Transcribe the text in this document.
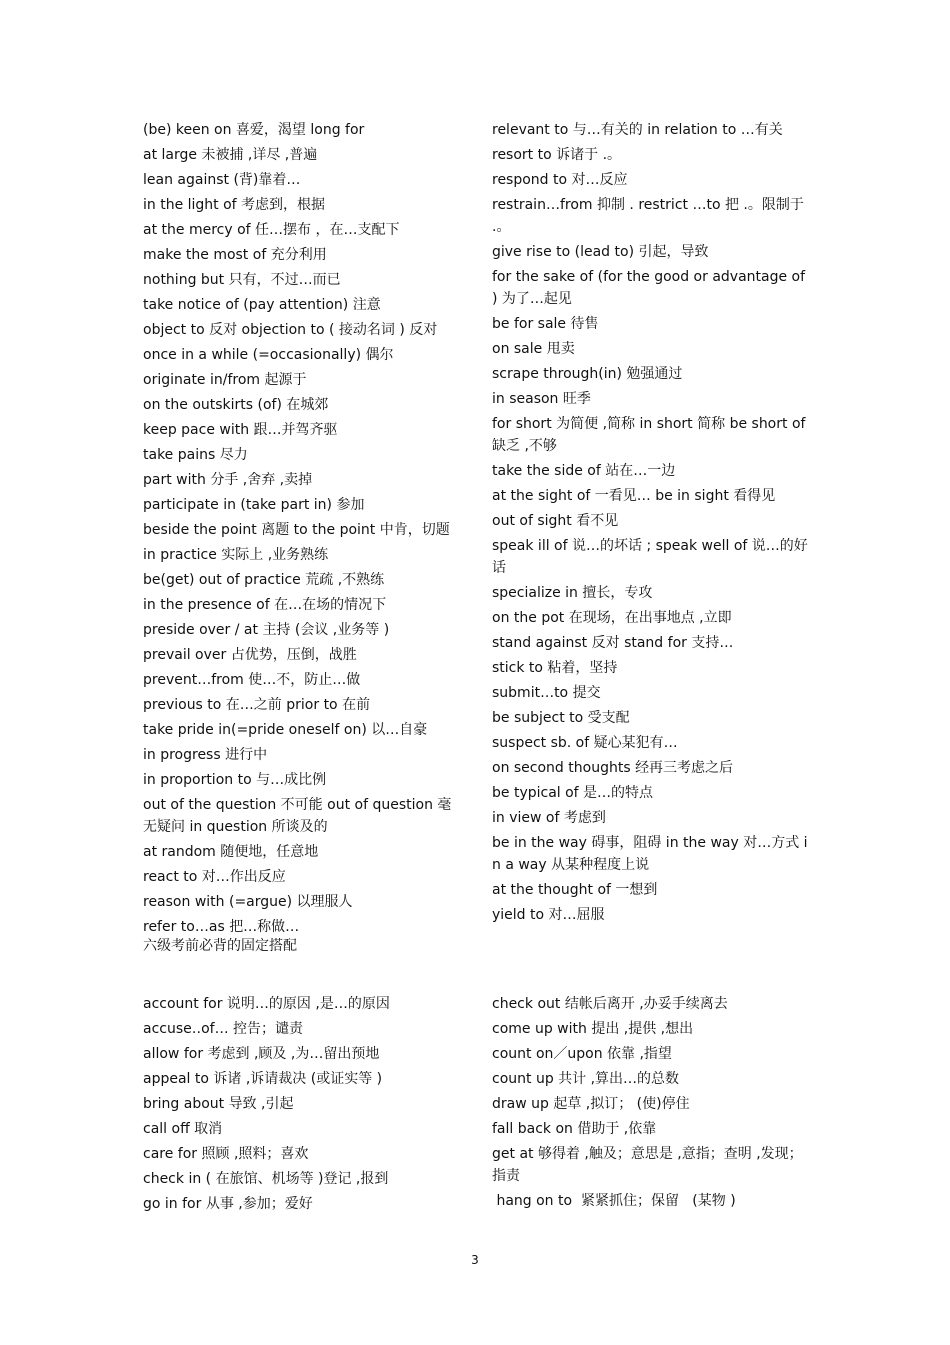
(be) keen on 喜爱，渴望 long for
at large 未被捕 ,详尽 ,普遍
lean against (背)靠着…
in the light of 考虑到，根据
at the mercy of 任…摆布 ，在…支配下
make the most of 充分利用
nothing but 只有，不过…而已
take notice of (pay attention) 注意
object to 反对 objection to ( 接动名词 ) 反对
once in a while (=occasionally) 偶尔
originate in/from 起源于
on the outskirts (of) 在城郊
keep pace with 跟…并驾齐驱
take pains 尽力
part with 分手 ,舍弃 ,卖掉
participate in (take part in) 参加
beside the point 离题 to the point 中肯，切题
in practice 实际上 ,业务熟练
be(get) out of practice 荒疏 ,不熟练
in the presence of 在…在场的情况下
preside over / at 主持 (会议 ,业务等 )
prevail over 占优势，压倒，战胜
prevent…from 使…不，防止…做
previous to 在…之前 prior to 在前
take pride in(=pride oneself on) 以…自豪
in progress 进行中
in proportion to 与…成比例
out of the question 不可能 out of question 毫无疑问 in question 所谈及的
at random 随便地，任意地
react to 对…作出反应
reason with (=argue) 以理服人
refer to…as 把…称做…
六级考前必背的固定搭配
relevant to 与…有关的 in relation to …有关
resort to 诉诸于 .。
respond to 对…反应
restrain…from 抑制 . restrict …to 把 .。限制于 .。
give rise to (lead to) 引起，导致
for the sake of (for the good or advantage of ) 为了…起见
be for sale 待售
on sale 甩卖
scrape through(in) 勉强通过
in season 旺季
for short 为简便 ,简称 in short 简称 be short of 缺乏 ,不够
take the side of 站在…一边
at the sight of 一看见… be in sight 看得见
out of sight 看不见
speak ill of 说…的坏话 ; speak well of 说…的好话
specialize in 擅长，专攻
on the pot 在现场，在出事地点 ,立即
stand against 反对 stand for 支持…
stick to 粘着，坚持
submit…to 提交
be subject to 受支配
suspect sb. of 疑心某犯有…
on second thoughts 经再三考虑之后
be typical of 是…的特点
in view of 考虑到
be in the way 碍事，阻碍 in the way 对…方式 in a way 从某种程度上说
at the thought of 一想到
yield to 对…屈服
account for 说明…的原因 ,是…的原因
accuse‥of… 控告；谴责
allow for 考虑到 ,顾及 ,为…留出预地
appeal to 诉诸 ,诉请裁决 (或证实等 )
bring about 导致 ,引起
call off 取消
care for 照顾 ,照料；喜欢
check in ( 在旅馆、机场等 )登记 ,报到
go in for 从事 ,参加；爱好
check out 结帐后离开 ,办妥手续离去
come up with 提出 ,提供 ,想出
count on／upon 依靠 ,指望
count up 共计 ,算出…的总数
draw up 起草 ,拟订； (使)停住
fall back on 借助于 ,依靠
get at 够得着 ,触及；意思是 ,意指；查明 ,发现；指责
hang on to  紧紧抓住；保留   (某物 )
3
